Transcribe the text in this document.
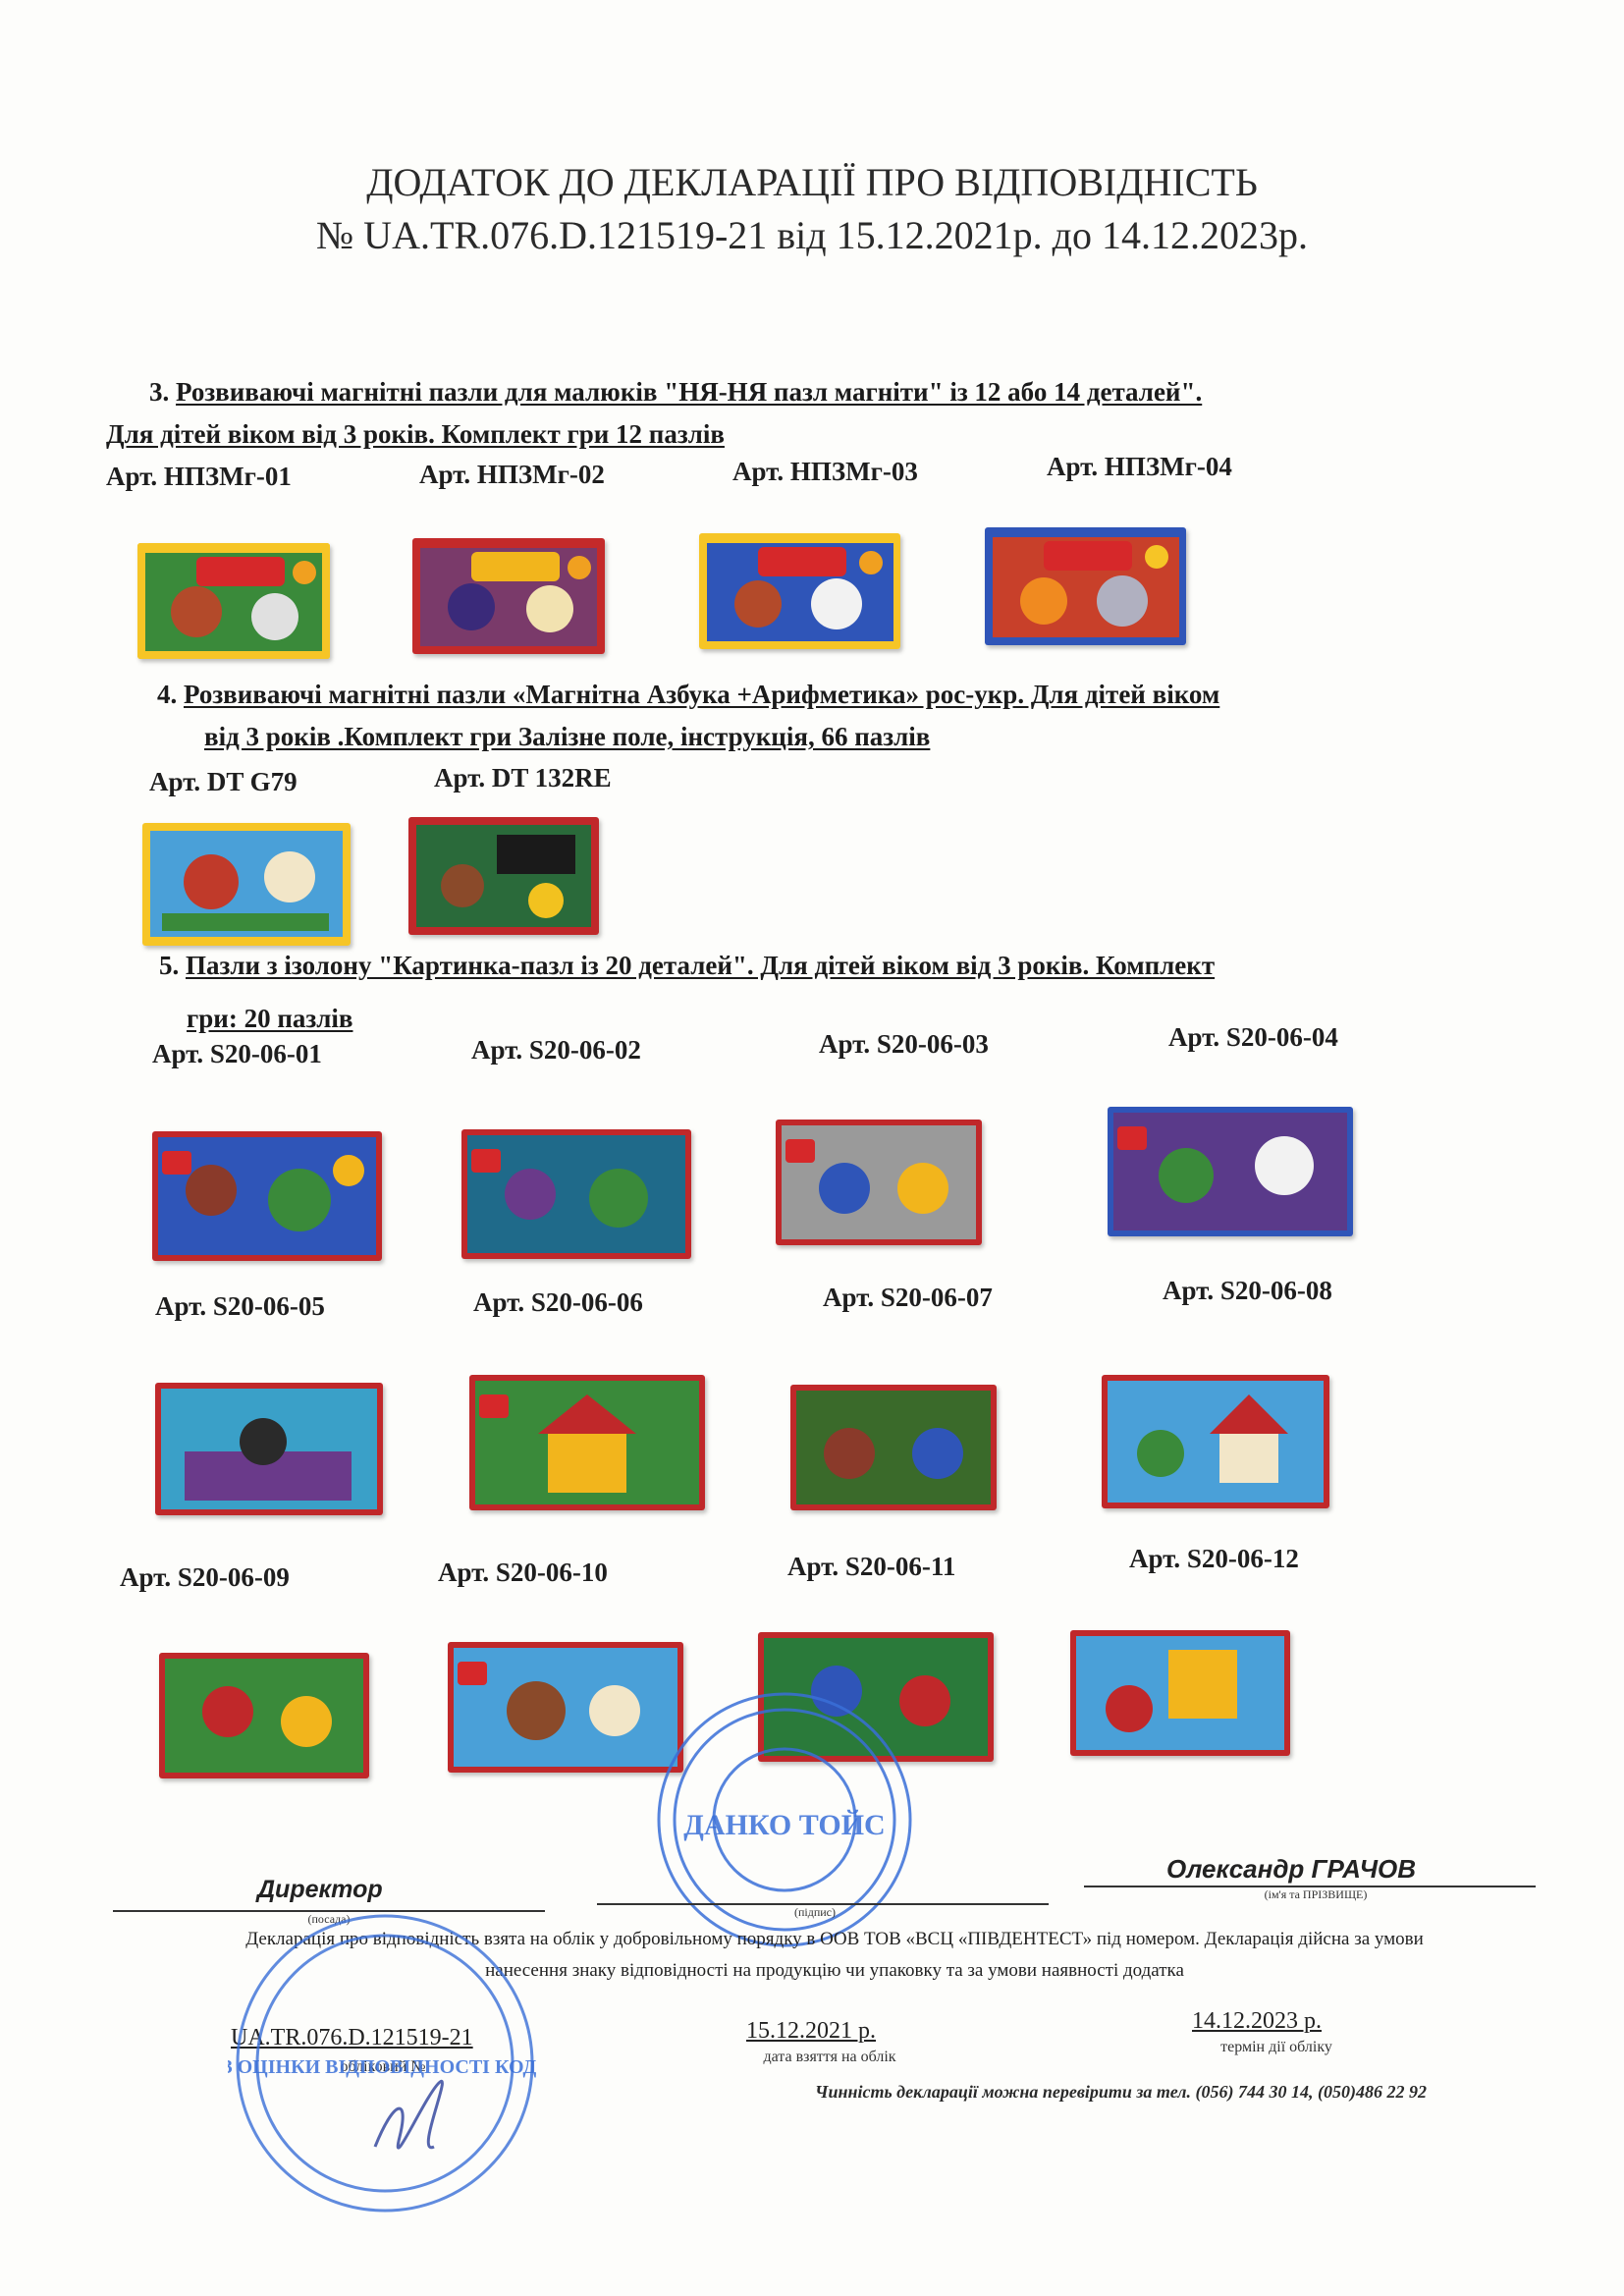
ДОДАТОК ДО ДЕКЛАРАЦІЇ ПРО ВІДПОВІДНІСТЬ
№ UA.TR.076.D.121519-21 від 15.12.2021р. до 14.12.2023р.
3. Розвиваючі магнітні пазли для малюків "НЯ-НЯ пазл магніти" із 12 або 14 деталей".
Для дітей віком від 3 років. Комплект гри 12 пазлів
Арт. НПЗМг-01	Арт. НПЗМг-02	Арт. НПЗМг-03	Арт. НПЗМг-04
4. Розвиваючі магнітні пазли «Магнітна Азбука +Арифметика» рос-укр. Для дітей віком
від 3 років .Комплект гри Залізне поле, інструкція, 66 пазлів
Арт. DT G79	Арт. DT 132RE
5. Пазли з ізолону "Картинка-пазл із 20 деталей". Для дітей віком від 3 років. Комплект
гри: 20 пазлів
Арт. S20-06-01	Арт. S20-06-02	Арт. S20-06-03	Арт. S20-06-04
Арт. S20-06-05	Арт. S20-06-06	Арт. S20-06-07	Арт. S20-06-08
Арт. S20-06-09	Арт. S20-06-10	Арт. S20-06-11	Арт. S20-06-12
ДАНКО ТОЙС
Директор
(посада)	(підпис)
Олександр ГРАЧОВ
(ім'я та ПРІЗВИЩЕ)
Декларація про відповідність взята на облік у добровільному порядку в ООВ ТОВ «ВСЦ «ПІВДЕНТЕСТ» під номером. Декларація дійсна за умови
нанесення знаку відповідності на продукцію чи упаковку та за умови наявності додатка
UA.TR.076.D.121519-21
обліковий №
15.12.2021 р.
дата взяття на облік
14.12.2023 р.
термін дії обліку
Чинність декларації можна перевірити за тел. (056) 744 30 14, (050)486 22 92
ОЦІНКИ ВІДПОВІДНОСТІ КОД
